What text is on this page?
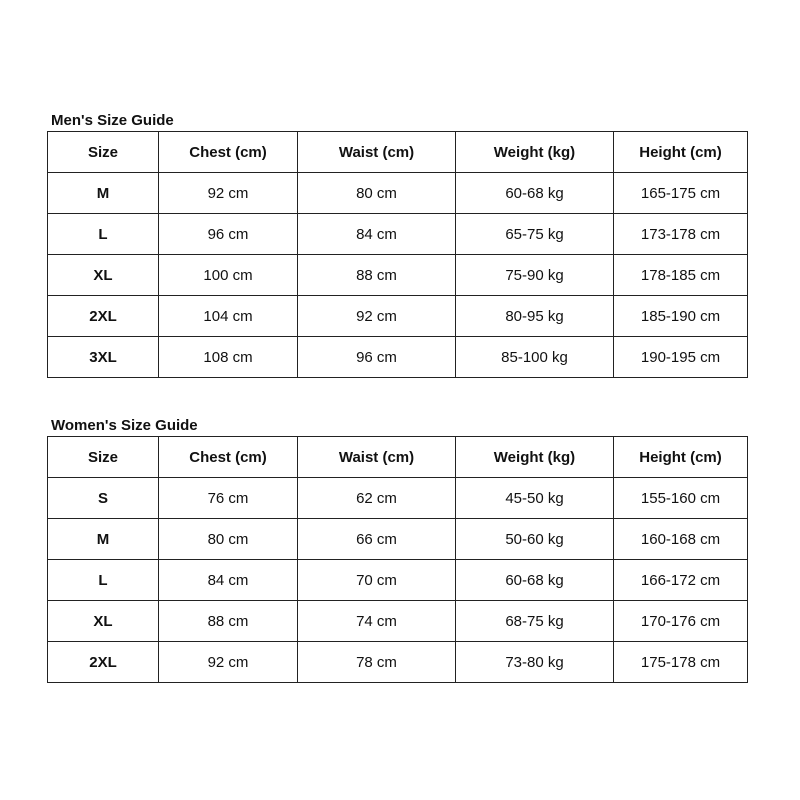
Men's Size Guide
Size	Chest (cm)	Waist (cm)	Weight (kg)	Height (cm)
M	92 cm	80 cm	60-68 kg	165-175 cm
L	96 cm	84 cm	65-75 kg	173-178 cm
XL	100 cm	88 cm	75-90 kg	178-185 cm
2XL	104 cm	92 cm	80-95 kg	185-190 cm
3XL	108 cm	96 cm	85-100 kg	190-195 cm
Women's Size Guide
Size	Chest (cm)	Waist (cm)	Weight (kg)	Height (cm)
S	76 cm	62 cm	45-50 kg	155-160 cm
M	80 cm	66 cm	50-60 kg	160-168 cm
L	84 cm	70 cm	60-68 kg	166-172 cm
XL	88 cm	74 cm	68-75 kg	170-176 cm
2XL	92 cm	78 cm	73-80 kg	175-178 cm
